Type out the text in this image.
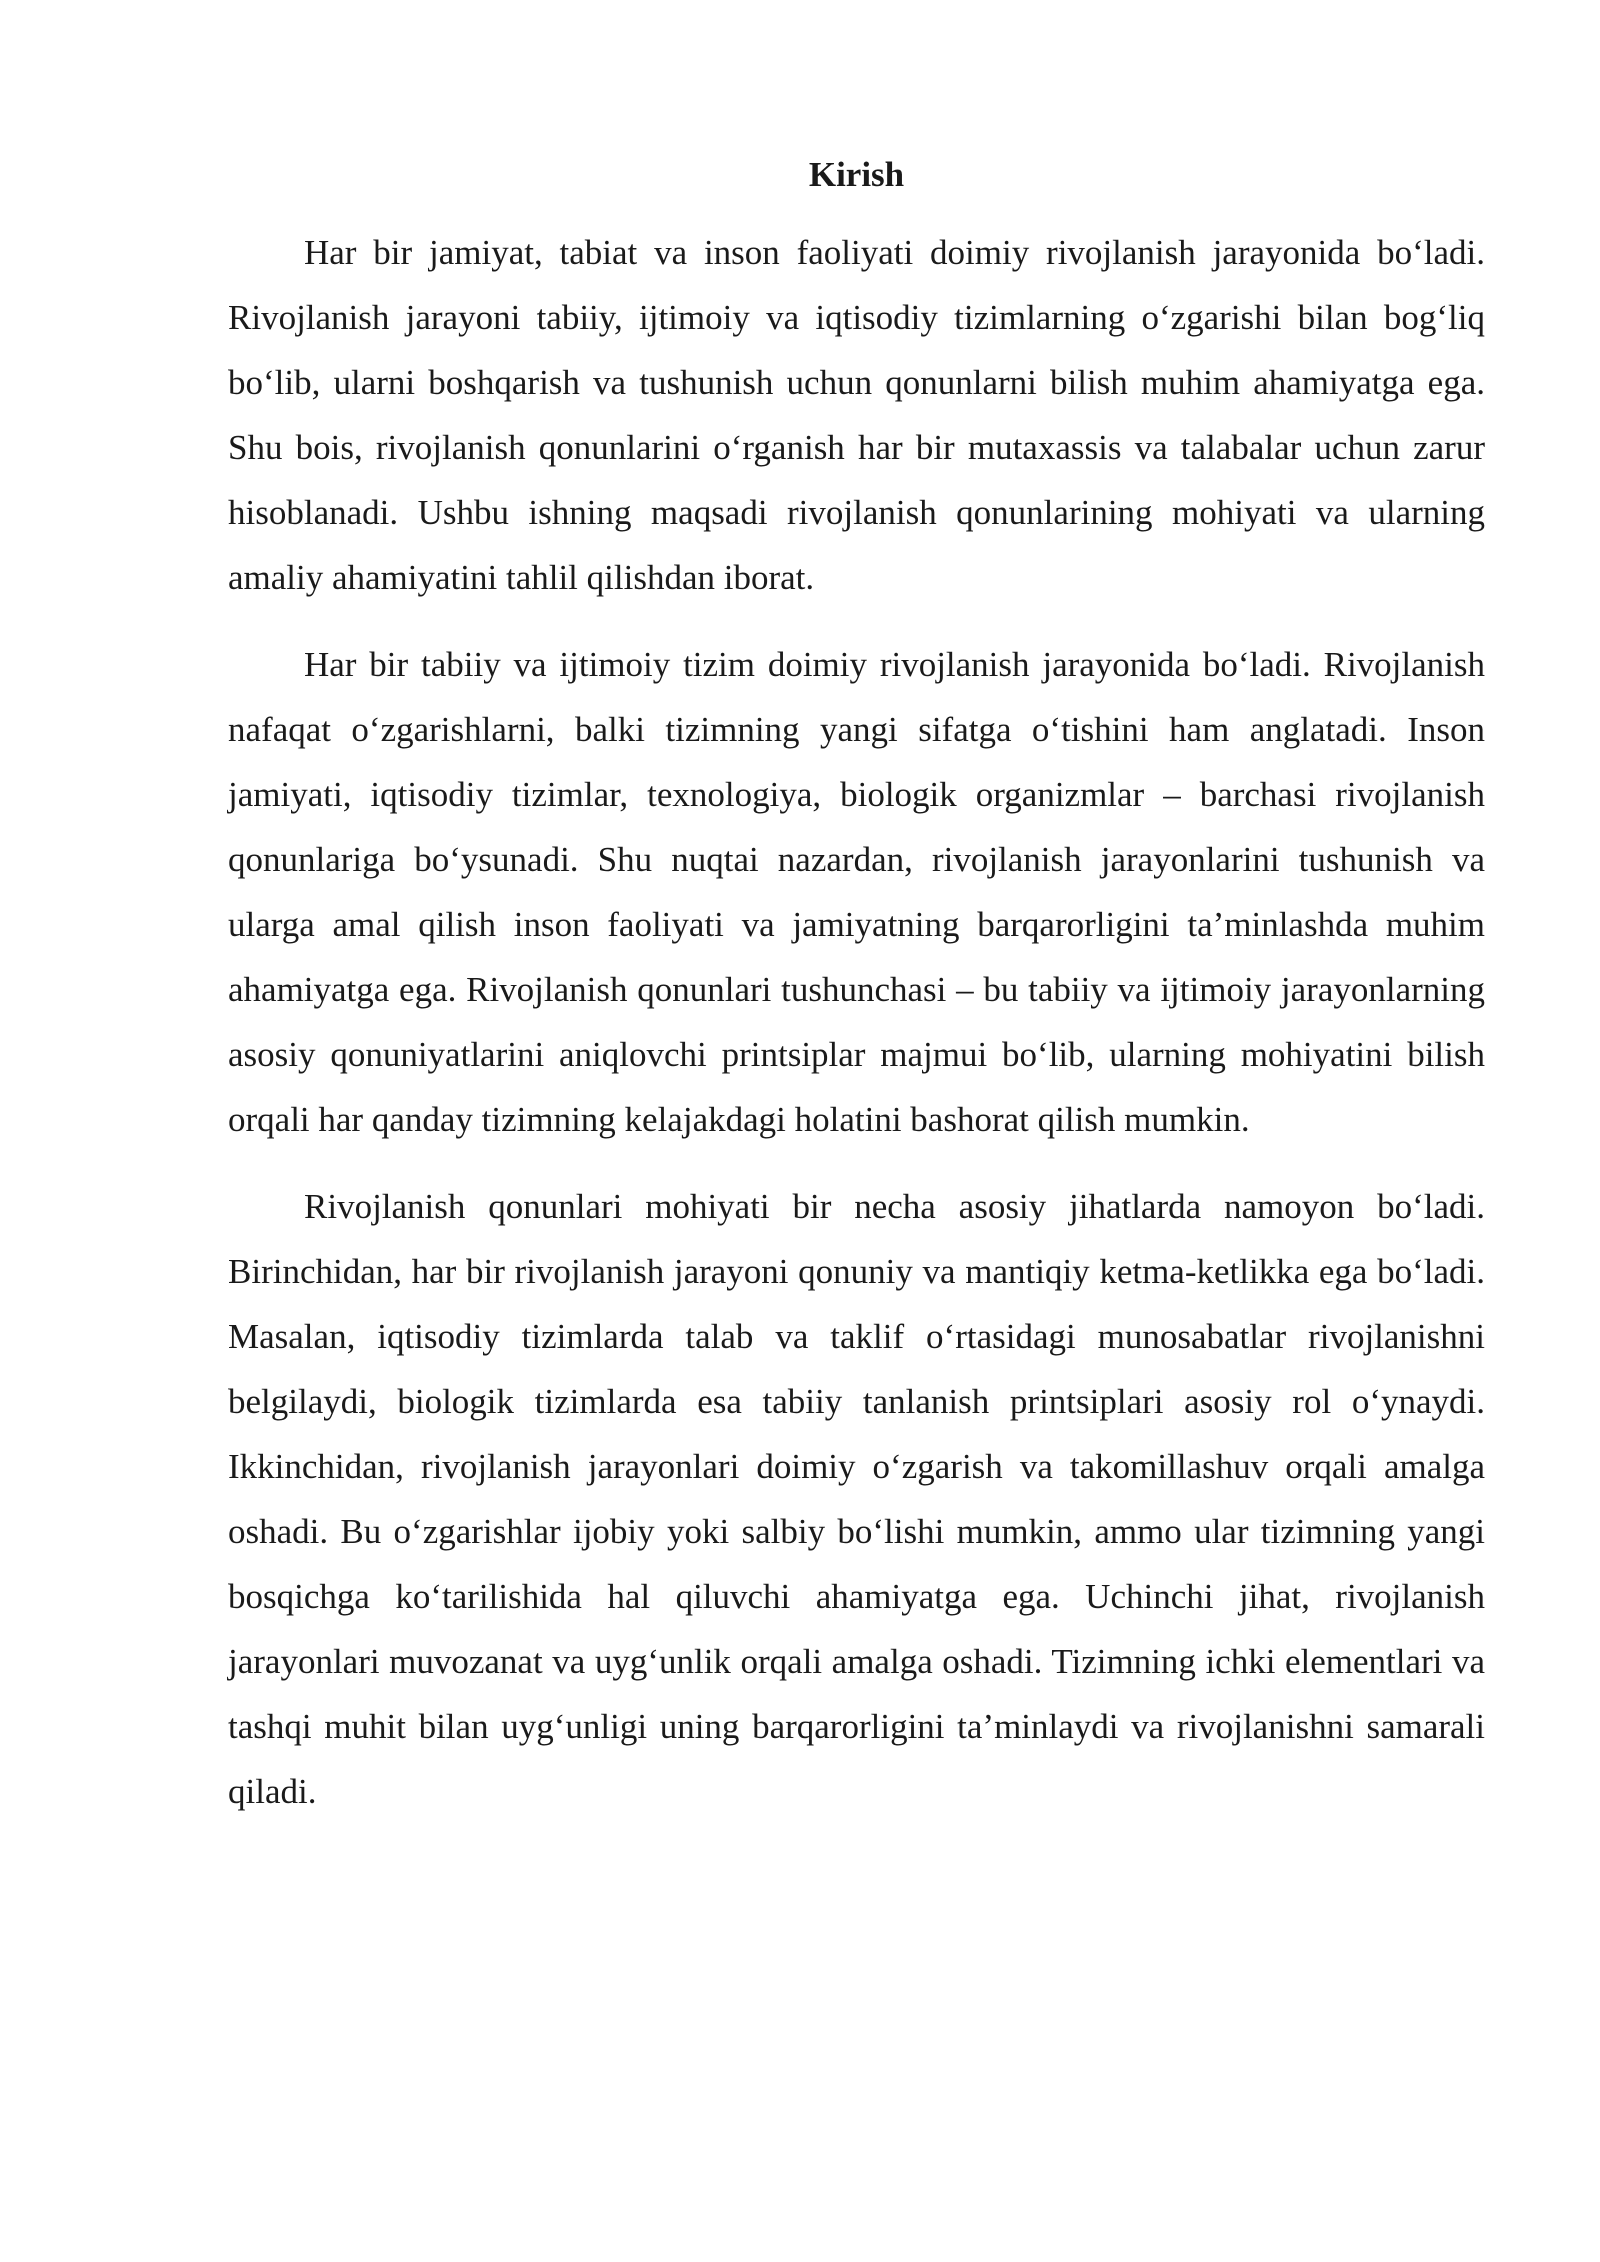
Kirish

Har bir jamiyat, tabiat va inson faoliyati doimiy rivojlanish jarayonida bo‘ladi. Rivojlanish jarayoni tabiiy, ijtimoiy va iqtisodiy tizimlarning o‘zgarishi bilan bog‘liq bo‘lib, ularni boshqarish va tushunish uchun qonunlarni bilish muhim ahamiyatga ega. Shu bois, rivojlanish qonunlarini o‘rganish har bir mutaxassis va talabalar uchun zarur hisoblanadi. Ushbu ishning maqsadi rivojlanish qonunlarining mohiyati va ularning amaliy ahamiyatini tahlil qilishdan iborat.

Har bir tabiiy va ijtimoiy tizim doimiy rivojlanish jarayonida bo‘ladi. Rivojlanish nafaqat o‘zgarishlarni, balki tizimning yangi sifatga o‘tishini ham anglatadi. Inson jamiyati, iqtisodiy tizimlar, texnologiya, biologik organizmlar – barchasi rivojlanish qonunlariga bo‘ysunadi. Shu nuqtai nazardan, rivojlanish jarayonlarini tushunish va ularga amal qilish inson faoliyati va jamiyatning barqarorligini ta’minlashda muhim ahamiyatga ega. Rivojlanish qonunlari tushunchasi – bu tabiiy va ijtimoiy jarayonlarning asosiy qonuniyatlarini aniqlovchi printsiplar majmui bo‘lib, ularning mohiyatini bilish orqali har qanday tizimning kelajakdagi holatini bashorat qilish mumkin.

Rivojlanish qonunlari mohiyati bir necha asosiy jihatlarda namoyon bo‘ladi. Birinchidan, har bir rivojlanish jarayoni qonuniy va mantiqiy ketma-ketlikka ega bo‘ladi. Masalan, iqtisodiy tizimlarda talab va taklif o‘rtasidagi munosabatlar rivojlanishni belgilaydi, biologik tizimlarda esa tabiiy tanlanish printsiplari asosiy rol o‘ynaydi. Ikkinchidan, rivojlanish jarayonlari doimiy o‘zgarish va takomillashuv orqali amalga oshadi. Bu o‘zgarishlar ijobiy yoki salbiy bo‘lishi mumkin, ammo ular tizimning yangi bosqichga ko‘tarilishida hal qiluvchi ahamiyatga ega. Uchinchi jihat, rivojlanish jarayonlari muvozanat va uyg‘unlik orqali amalga oshadi. Tizimning ichki elementlari va tashqi muhit bilan uyg‘unligi uning barqarorligini ta’minlaydi va rivojlanishni samarali qiladi.
